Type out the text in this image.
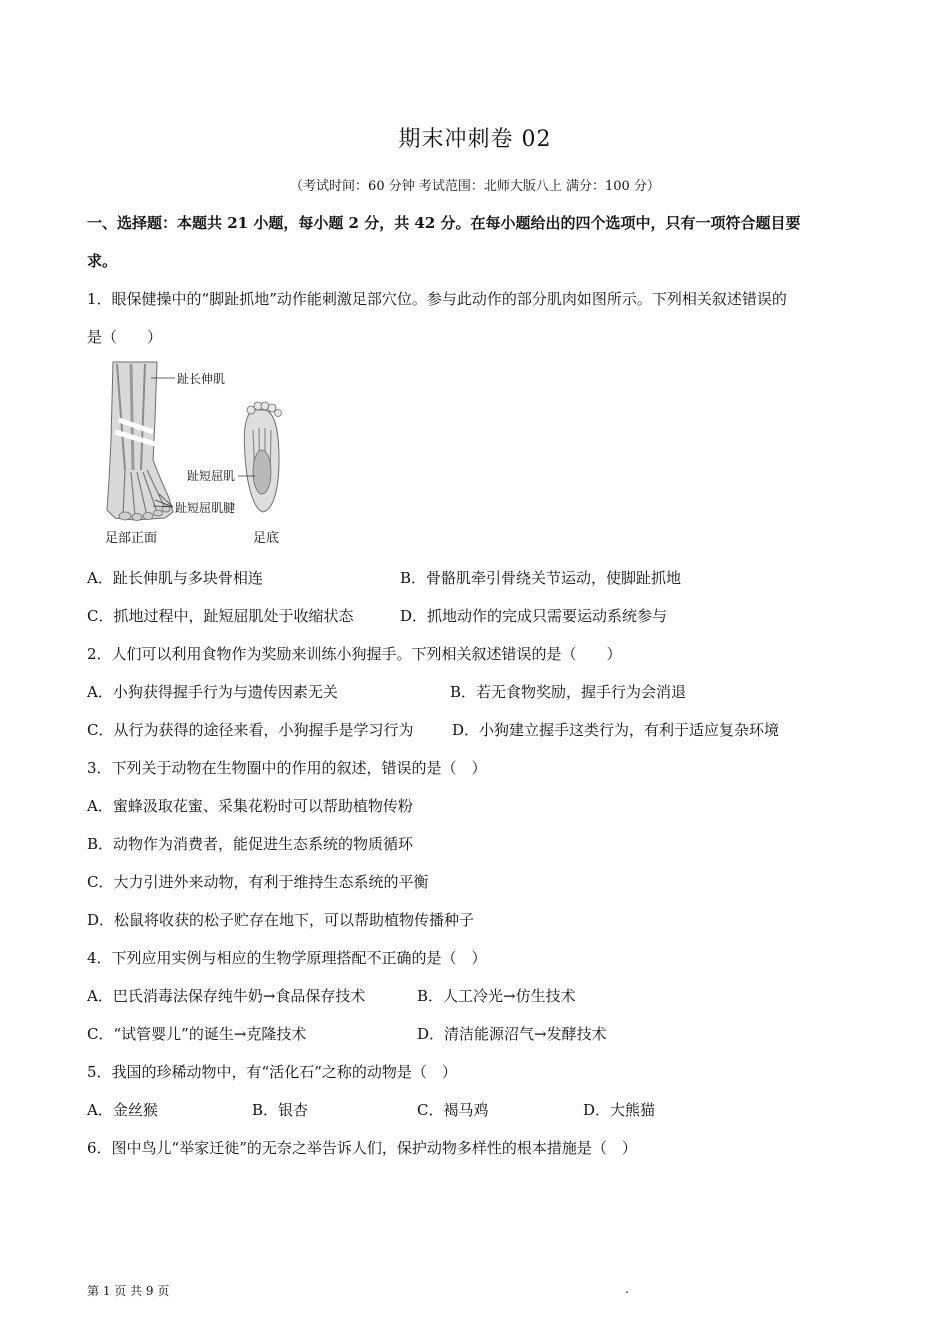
期末冲刺卷 02
（考试时间：60 分钟 考试范围：北师大版八上 满分：100 分）
一、选择题：本题共 21 小题，每小题 2 分，共 42 分。在每小题给出的四个选项中，只有一项符合题目要
求。
1．眼保健操中的“脚趾抓地”动作能刺激足部穴位。参与此动作的部分肌肉如图所示。下列相关叙述错误的
是（　　）
趾长伸肌
趾短屈肌
趾短屈肌腱
足部正面	足底
A．趾长伸肌与多块骨相连	B．骨骼肌牵引骨绕关节运动，使脚趾抓地
C．抓地过程中，趾短屈肌处于收缩状态	D．抓地动作的完成只需要运动系统参与
2．人们可以利用食物作为奖励来训练小狗握手。下列相关叙述错误的是（　　）
A．小狗获得握手行为与遗传因素无关	B．若无食物奖励，握手行为会消退
C．从行为获得的途径来看，小狗握手是学习行为	D．小狗建立握手这类行为，有利于适应复杂环境
3．下列关于动物在生物圈中的作用的叙述，错误的是（　）
A．蜜蜂汲取花蜜、采集花粉时可以帮助植物传粉
B．动物作为消费者，能促进生态系统的物质循环
C．大力引进外来动物，有利于维持生态系统的平衡
D．松鼠将收获的松子贮存在地下，可以帮助植物传播种子
4．下列应用实例与相应的生物学原理搭配不正确的是（　）
A．巴氏消毒法保存纯牛奶→食品保存技术	B．人工冷光→仿生技术
C．“试管婴儿”的诞生→克隆技术	D．清洁能源沼气→发酵技术
5．我国的珍稀动物中，有“活化石”之称的动物是（　）
A．金丝猴	B．银杏	C．褐马鸡	D．大熊猫
6．图中鸟儿“举家迁徙”的无奈之举告诉人们，保护动物多样性的根本措施是（　）
第 1 页 共 9 页	.
